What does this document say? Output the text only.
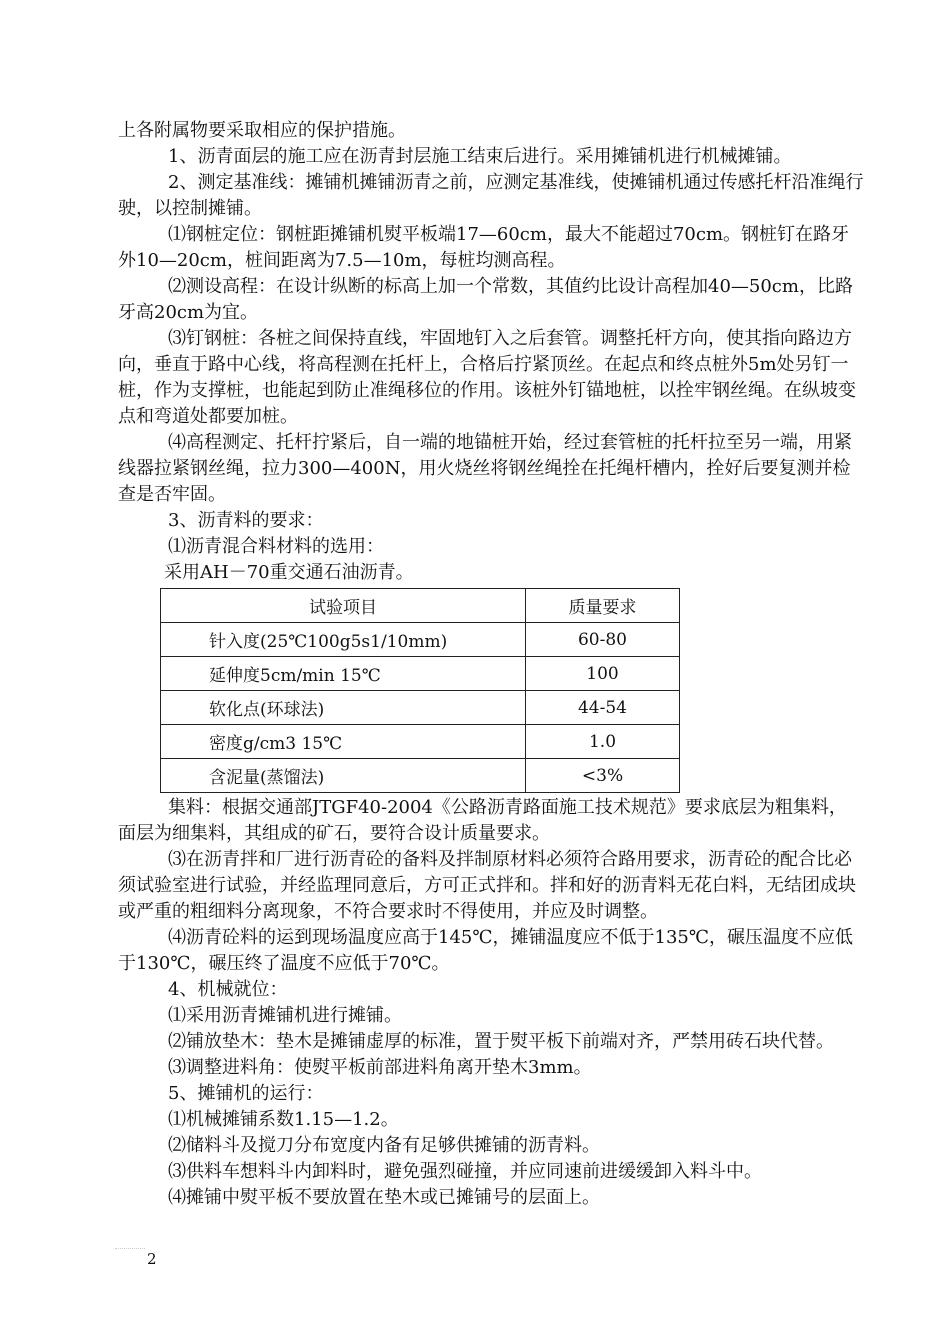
上各附属物要采取相应的保护措施。

1、沥青面层的施工应在沥青封层施工结束后进行。采用摊铺机进行机械摊铺。

2、测定基准线：摊铺机摊铺沥青之前，应测定基准线，使摊铺机通过传感托杆沿准绳行驶，以控制摊铺。

⑴钢桩定位：钢桩距摊铺机熨平板端17—60cm，最大不能超过70cm。钢桩钉在路牙外10—20cm，桩间距离为7.5—10m，每桩均测高程。

⑵测设高程：在设计纵断的标高上加一个常数，其值约比设计高程加40—50cm，比路牙高20cm为宜。

⑶钉钢桩：各桩之间保持直线，牢固地钉入之后套管。调整托杆方向，使其指向路边方向，垂直于路中心线，将高程测在托杆上，合格后拧紧顶丝。在起点和终点桩外5m处另钉一桩，作为支撑桩，也能起到防止准绳移位的作用。该桩外钉锚地桩，以拴牢钢丝绳。在纵坡变点和弯道处都要加桩。

⑷高程测定、托杆拧紧后，自一端的地锚桩开始，经过套管桩的托杆拉至另一端，用紧线器拉紧钢丝绳，拉力300—400N，用火烧丝将钢丝绳拴在托绳杆槽内，拴好后要复测并检查是否牢固。

3、沥青料的要求：

⑴沥青混合料材料的选用：

采用AH－70重交通石油沥青。

试验项目	质量要求
针入度(25℃100g5s1/10mm)	60-80
延伸度5cm/min 15℃	100
软化点(环球法)	44-54
密度g/cm3 15℃	1.0
含泥量(蒸馏法)	<3%

集料：根据交通部JTGF40-2004《公路沥青路面施工技术规范》要求底层为粗集料，面层为细集料，其组成的矿石，要符合设计质量要求。

⑶在沥青拌和厂进行沥青砼的备料及拌制原材料必须符合路用要求，沥青砼的配合比必须试验室进行试验，并经监理同意后，方可正式拌和。拌和好的沥青料无花白料，无结团成块或严重的粗细料分离现象，不符合要求时不得使用，并应及时调整。

⑷沥青砼料的运到现场温度应高于145℃，摊铺温度应不低于135℃，碾压温度不应低于130℃，碾压终了温度不应低于70℃。

4、机械就位：

⑴采用沥青摊铺机进行摊铺。

⑵铺放垫木：垫木是摊铺虚厚的标准，置于熨平板下前端对齐，严禁用砖石块代替。

⑶调整进料角：使熨平板前部进料角离开垫木3mm。

5、摊铺机的运行：

⑴机械摊铺系数1.15—1.2。

⑵储料斗及搅刀分布宽度内备有足够供摊铺的沥青料。

⑶供料车想料斗内卸料时，避免强烈碰撞，并应同速前进缓缓卸入料斗中。

⑷摊铺中熨平板不要放置在垫木或已摊铺号的层面上。

2
